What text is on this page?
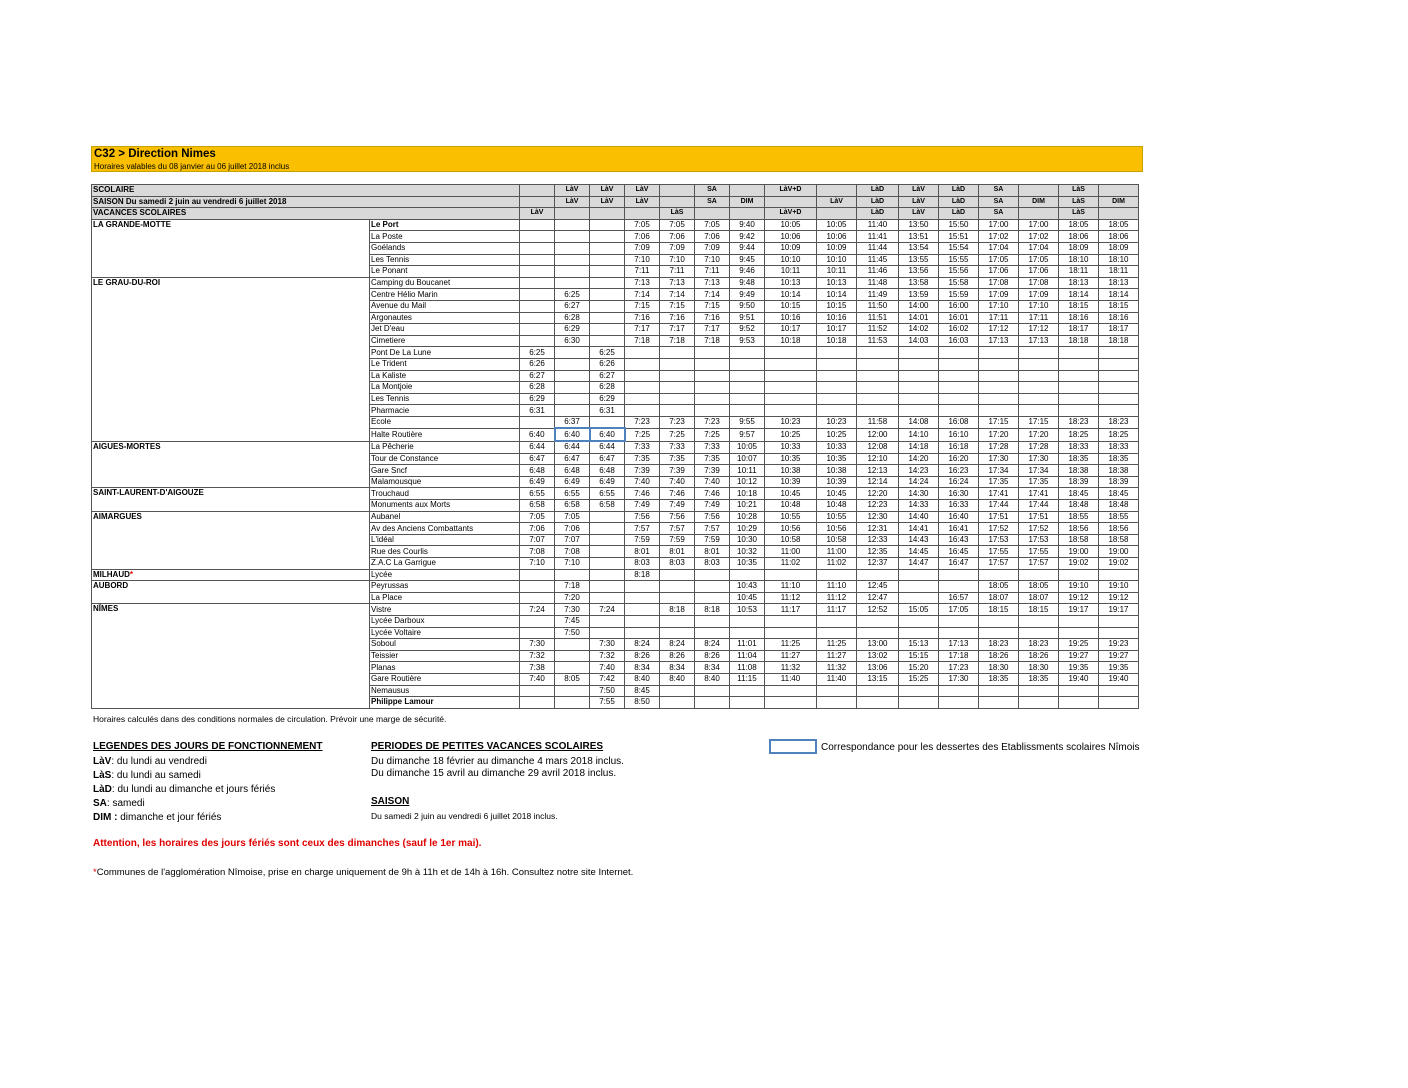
C32 > Direction Nimes
Horaires valables du 08 janvier au 06 juillet 2018 inclus
SCOLAIRE			LàV	LàV	LàV		SA		LàV+D		LàD	LàV	LàD	SA		LàS	
SAISON Du samedi 2 juin au vendredi 6 juillet 2018			LàV	LàV	LàV		SA	DIM		LàV	LàD	LàV	LàD	SA	DIM	LàS	DIM
VACANCES SCOLAIRES		LàV				LàS			LàV+D		LàD	LàV	LàD	SA		LàS	
LA GRANDE-MOTTE	Le Port				7:05	7:05	7:05	9:40	10:05	10:05	11:40	13:50	15:50	17:00	17:00	18:05	18:05
	La Poste				7:06	7:06	7:06	9:42	10:06	10:06	11:41	13:51	15:51	17:02	17:02	18:06	18:06
	Goélands				7:09	7:09	7:09	9:44	10:09	10:09	11:44	13:54	15:54	17:04	17:04	18:09	18:09
	Les Tennis				7:10	7:10	7:10	9:45	10:10	10:10	11:45	13:55	15:55	17:05	17:05	18:10	18:10
	Le Ponant				7:11	7:11	7:11	9:46	10:11	10:11	11:46	13:56	15:56	17:06	17:06	18:11	18:11
LE GRAU-DU-ROI	Camping du Boucanet				7:13	7:13	7:13	9:48	10:13	10:13	11:48	13:58	15:58	17:08	17:08	18:13	18:13
	Centre Hélio Marin		6:25		7:14	7:14	7:14	9:49	10:14	10:14	11:49	13:59	15:59	17:09	17:09	18:14	18:14
	Avenue du Mail		6:27		7:15	7:15	7:15	9:50	10:15	10:15	11:50	14:00	16:00	17:10	17:10	18:15	18:15
	Argonautes		6:28		7:16	7:16	7:16	9:51	10:16	10:16	11:51	14:01	16:01	17:11	17:11	18:16	18:16
	Jet D'eau		6:29		7:17	7:17	7:17	9:52	10:17	10:17	11:52	14:02	16:02	17:12	17:12	18:17	18:17
	Cimetiere		6:30		7:18	7:18	7:18	9:53	10:18	10:18	11:53	14:03	16:03	17:13	17:13	18:18	18:18
	Pont De La Lune	6:25		6:25													
	Le Trident	6:26		6:26													
	La Kaliste	6:27		6:27													
	La Montjoie	6:28		6:28													
	Les Tennis	6:29		6:29													
	Pharmacie	6:31		6:31													
	Ecole		6:37		7:23	7:23	7:23	9:55	10:23	10:23	11:58	14:08	16:08	17:15	17:15	18:23	18:23
	Halte Routière	6:40	6:40	6:40	7:25	7:25	7:25	9:57	10:25	10:25	12:00	14:10	16:10	17:20	17:20	18:25	18:25
AIGUES-MORTES	La Pêcherie	6:44	6:44	6:44	7:33	7:33	7:33	10:05	10:33	10:33	12:08	14:18	16:18	17:28	17:28	18:33	18:33
	Tour de Constance	6:47	6:47	6:47	7:35	7:35	7:35	10:07	10:35	10:35	12:10	14:20	16:20	17:30	17:30	18:35	18:35
	Gare Sncf	6:48	6:48	6:48	7:39	7:39	7:39	10:11	10:38	10:38	12:13	14:23	16:23	17:34	17:34	18:38	18:38
	Malamousque	6:49	6:49	6:49	7:40	7:40	7:40	10:12	10:39	10:39	12:14	14:24	16:24	17:35	17:35	18:39	18:39
SAINT-LAURENT-D'AIGOUZE	Trouchaud	6:55	6:55	6:55	7:46	7:46	7:46	10:18	10:45	10:45	12:20	14:30	16:30	17:41	17:41	18:45	18:45
	Monuments aux Morts	6:58	6:58	6:58	7:49	7:49	7:49	10:21	10:48	10:48	12:23	14:33	16:33	17:44	17:44	18:48	18:48
AIMARGUES	Aubanel	7:05	7:05		7:56	7:56	7:56	10:28	10:55	10:55	12:30	14:40	16:40	17:51	17:51	18:55	18:55
	Av des Anciens Combattants	7:06	7:06		7:57	7:57	7:57	10:29	10:56	10:56	12:31	14:41	16:41	17:52	17:52	18:56	18:56
	L'idéal	7:07	7:07		7:59	7:59	7:59	10:30	10:58	10:58	12:33	14:43	16:43	17:53	17:53	18:58	18:58
	Rue des Courlis	7:08	7:08		8:01	8:01	8:01	10:32	11:00	11:00	12:35	14:45	16:45	17:55	17:55	19:00	19:00
	Z.A.C La Garrigue	7:10	7:10		8:03	8:03	8:03	10:35	11:02	11:02	12:37	14:47	16:47	17:57	17:57	19:02	19:02
MILHAUD*	Lycée				8:18												
AUBORD	Peyrussas		7:18					10:43	11:10	11:10	12:45			18:05	18:05	19:10	19:10
	La Place		7:20					10:45	11:12	11:12	12:47		16:57	18:07	18:07	19:12	19:12
NÎMES	Vistre	7:24	7:30	7:24		8:18	8:18	10:53	11:17	11:17	12:52	15:05	17:05	18:15	18:15	19:17	19:17
	Lycée Darboux		7:45														
	Lycée Voltaire		7:50														
	Soboul	7:30		7:30	8:24	8:24	8:24	11:01	11:25	11:25	13:00	15:13	17:13	18:23	18:23	19:25	19:23
	Teissier	7:32		7:32	8:26	8:26	8:26	11:04	11:27	11:27	13:02	15:15	17:18	18:26	18:26	19:27	19:27
	Planas	7:38		7:40	8:34	8:34	8:34	11:08	11:32	11:32	13:06	15:20	17:23	18:30	18:30	19:35	19:35
	Gare Routière	7:40	8:05	7:42	8:40	8:40	8:40	11:15	11:40	11:40	13:15	15:25	17:30	18:35	18:35	19:40	19:40
	Nemausus			7:50	8:45												
	Philippe Lamour			7:55	8:50												
Horaires calculés dans des conditions normales de circulation. Prévoir une marge de sécurité.
LEGENDES DES JOURS DE FONCTIONNEMENT
LàV: du lundi au vendredi
LàS: du lundi au samedi
LàD: du lundi au dimanche et jours fériés
SA: samedi
DIM : dimanche et jour fériés
PERIODES DE PETITES VACANCES SCOLAIRES
Du dimanche 18 février au dimanche 4 mars 2018 inclus.
Du dimanche 15 avril au dimanche 29 avril 2018 inclus.
SAISON
Du samedi 2 juin au vendredi 6 juillet 2018 inclus.
Correspondance pour les dessertes des Etablissments scolaires Nîmois
Attention, les horaires des jours fériés sont ceux des dimanches (sauf le 1er mai).
*Communes de l'agglomération Nîmoise, prise en charge uniquement de 9h à 11h et de 14h à 16h. Consultez notre site Internet.
